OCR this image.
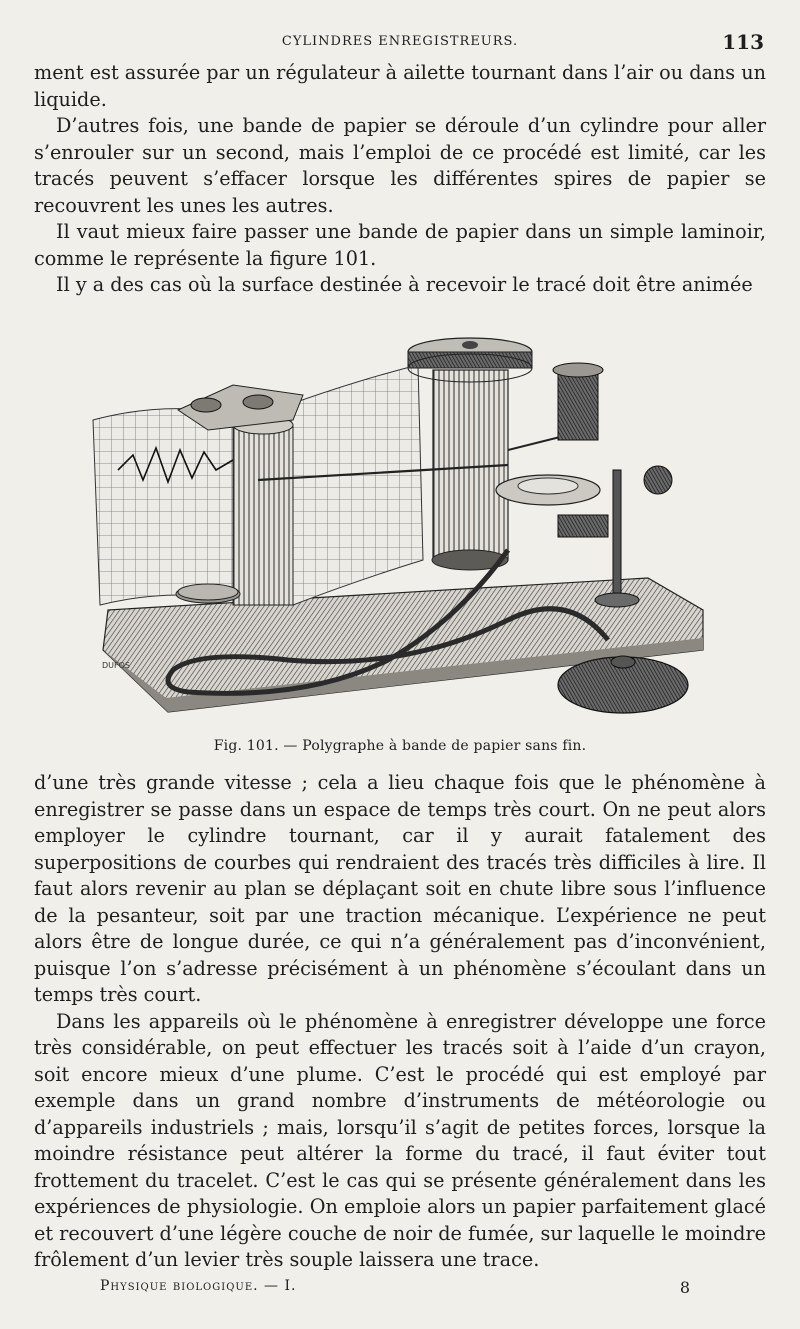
CYLINDRES ENREGISTREURS.	113

ment est assurée par un régulateur à ailette tournant dans l’air ou dans un liquide.

D’autres fois, une bande de papier se déroule d’un cylindre pour aller s’enrouler sur un second, mais l’emploi de ce procédé est limité, car les tracés peuvent s’effacer lorsque les différentes spires de papier se recouvrent les unes les autres.

Il vaut mieux faire passer une bande de papier dans un simple laminoir, comme le représente la figure 101.

Il y a des cas où la surface destinée à recevoir le tracé doit être animée

DUFOS
Fig. 101. — Polygraphe à bande de papier sans fin.

d’une très grande vitesse ; cela a lieu chaque fois que le phénomène à enregistrer se passe dans un espace de temps très court. On ne peut alors employer le cylindre tournant, car il y aurait fatalement des superpositions de courbes qui rendraient des tracés très difficiles à lire. Il faut alors revenir au plan se déplaçant soit en chute libre sous l’influence de la pesanteur, soit par une traction mécanique. L’expérience ne peut alors être de longue durée, ce qui n’a généralement pas d’inconvénient, puisque l’on s’adresse précisément à un phénomène s’écoulant dans un temps très court.

Dans les appareils où le phénomène à enregistrer développe une force très considérable, on peut effectuer les tracés soit à l’aide d’un crayon, soit encore mieux d’une plume. C’est le procédé qui est employé par exemple dans un grand nombre d’instruments de météorologie ou d’appareils industriels ; mais, lorsqu’il s’agit de petites forces, lorsque la moindre résistance peut altérer la forme du tracé, il faut éviter tout frottement du tracelet. C’est le cas qui se présente généralement dans les expériences de physiologie. On emploie alors un papier parfaitement glacé et recouvert d’une légère couche de noir de fumée, sur laquelle le moindre frôlement d’un levier très souple laissera une trace.

Physique biologique. — I.	8
